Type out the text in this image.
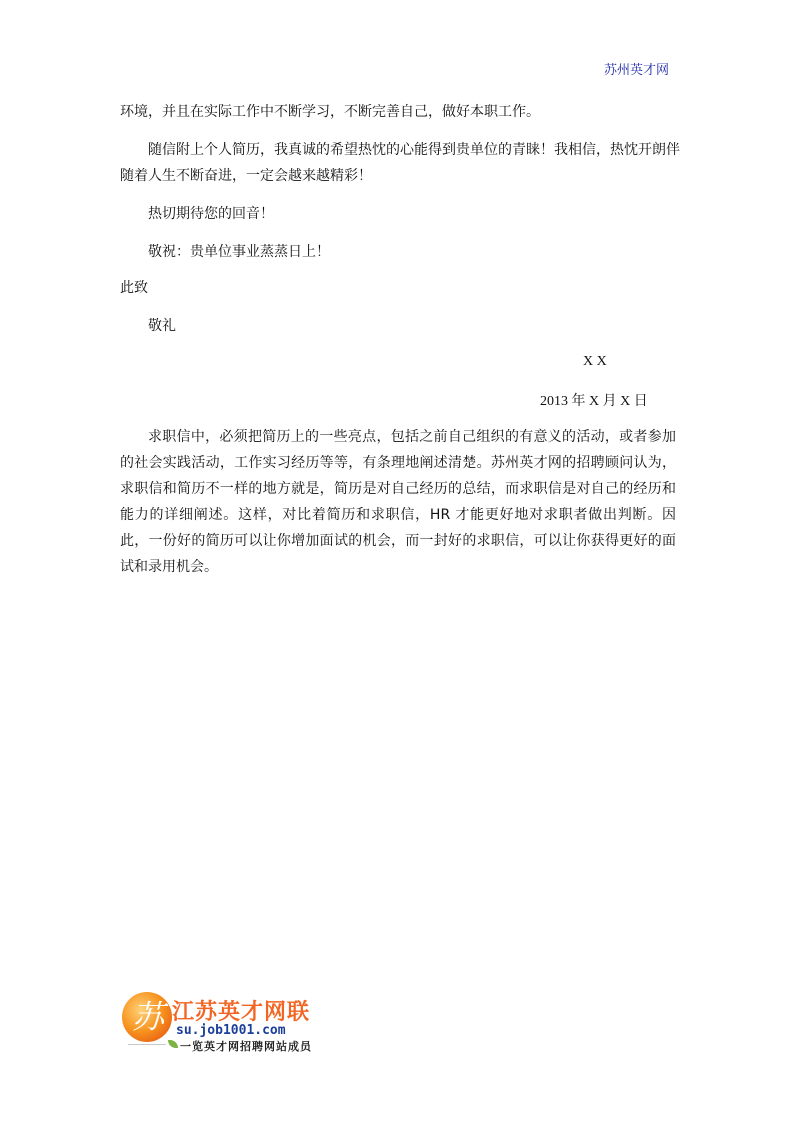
苏州英才网
环境，并且在实际工作中不断学习，不断完善自己，做好本职工作。
随信附上个人简历，我真诚的希望热忱的心能得到贵单位的青睐！我相信，热忱开朗伴
随着人生不断奋进，一定会越来越精彩！
热切期待您的回音！
敬祝：贵单位事业蒸蒸日上！
此致
敬礼
X X
2013 年 X 月 X 日
求职信中，必须把简历上的一些亮点，包括之前自己组织的有意义的活动，或者参加的社会实践活动，工作实习经历等等，有条理地阐述清楚。苏州英才网的招聘顾问认为，求职信和简历不一样的地方就是，简历是对自己经历的总结，而求职信是对自己的经历和能力的详细阐述。这样，对比着简历和求职信，HR 才能更好地对求职者做出判断。因此，一份好的简历可以让你增加面试的机会，而一封好的求职信，可以让你获得更好的面试和录用机会。
苏 江苏英才网联
su.job1001.com
一览英才网招聘网站成员
